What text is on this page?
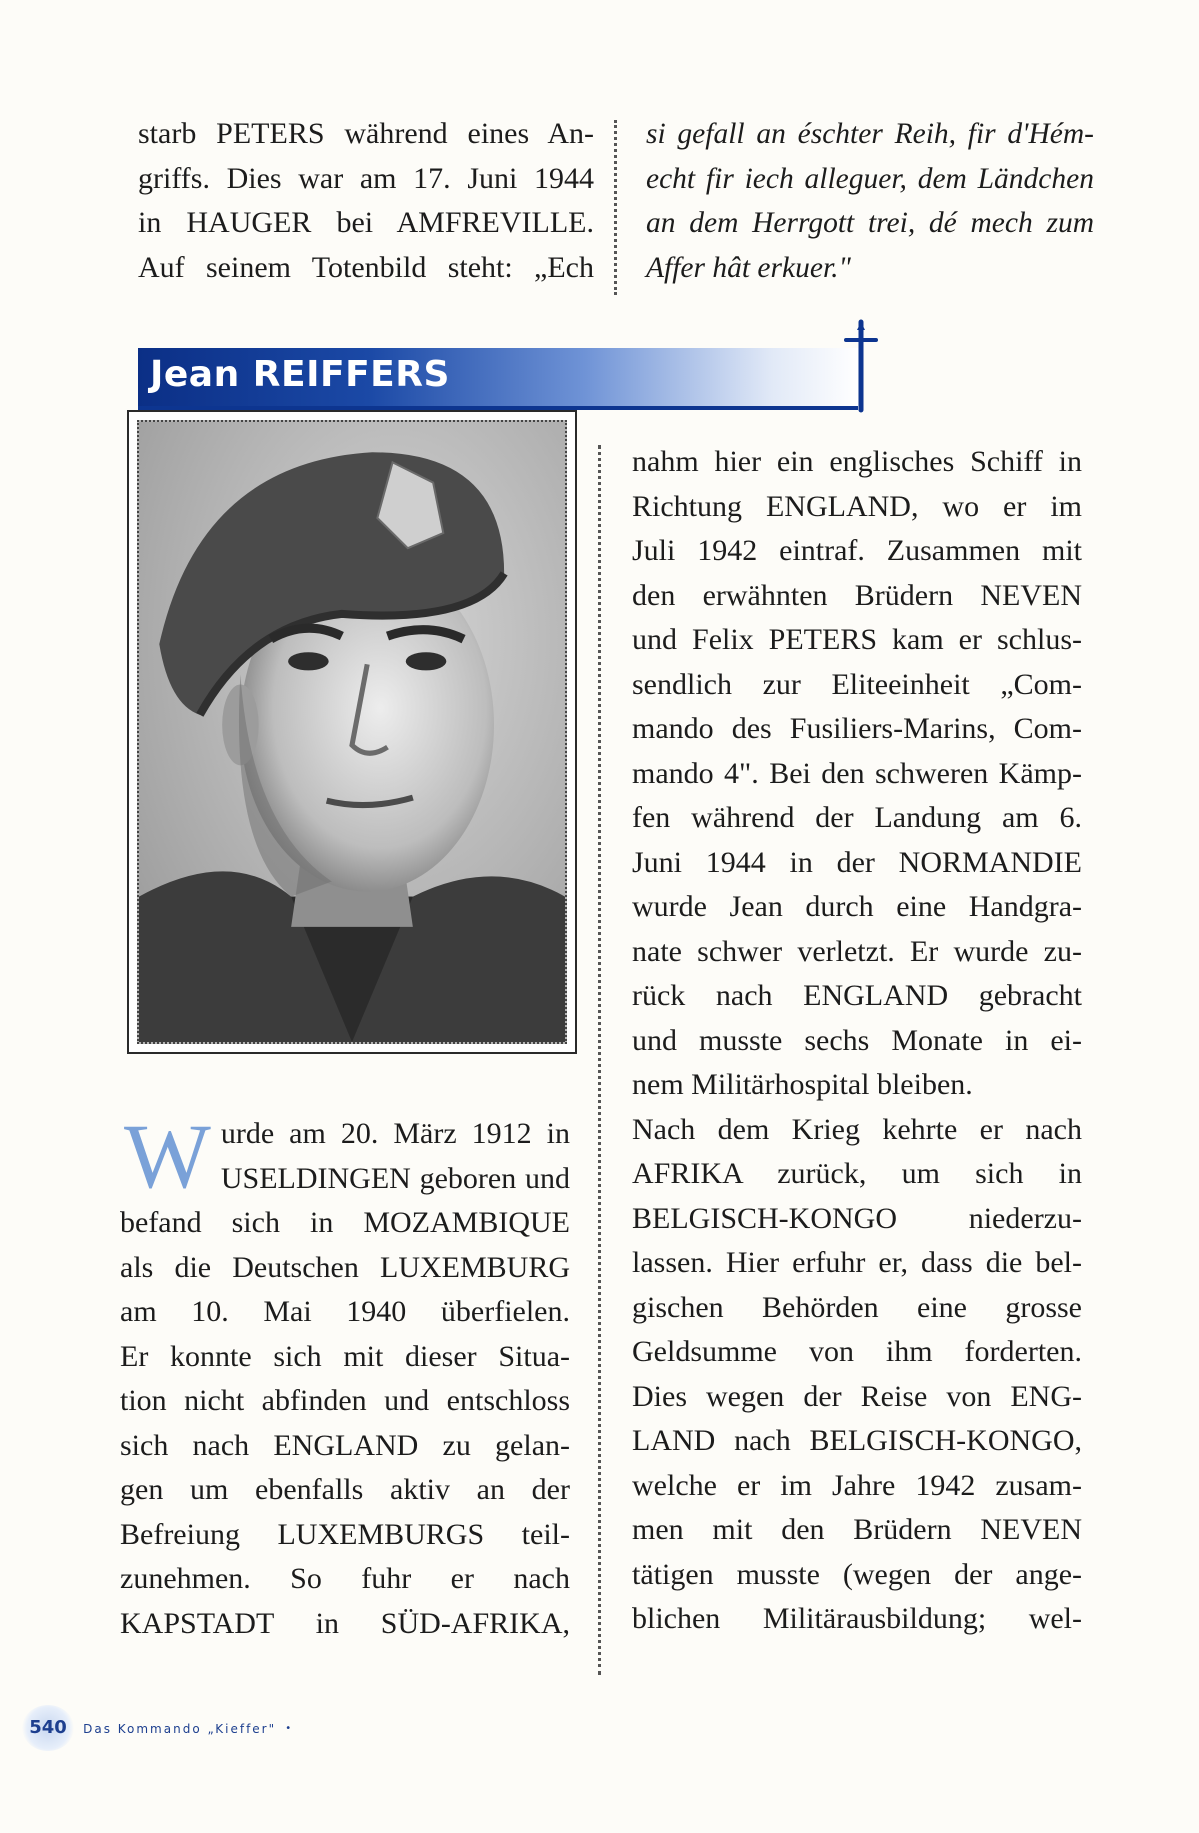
starb PETERS während eines An-
griffs. Dies war am 17. Juni 1944
in HAUGER bei AMFREVILLE.
Auf seinem Totenbild steht: „Ech
si gefall an éschter Reih, fir d'Hém-
echt fir iech alleguer, dem Ländchen
an dem Herrgott trei, dé mech zum
Affer hât erkuer."
Jean REIFFERS
befand sich in MOZAMBIQUE
als die Deutschen LUXEMBURG
am 10. Mai 1940 überfielen.
Er konnte sich mit dieser Situa-
tion nicht abfinden und entschloss
sich nach ENGLAND zu gelan-
gen um ebenfalls aktiv an der
Befreiung LUXEMBURGS teil-
zunehmen. So fuhr er nach
KAPSTADT in SÜD-AFRIKA,
nahm hier ein englisches Schiff in
Richtung ENGLAND, wo er im
Juli 1942 eintraf. Zusammen mit
den erwähnten Brüdern NEVEN
und Felix PETERS kam er schlus-
sendlich zur Eliteeinheit „Com-
mando des Fusiliers-Marins, Com-
mando 4". Bei den schweren Kämp-
fen während der Landung am 6.
Juni 1944 in der NORMANDIE
wurde Jean durch eine Handgra-
nate schwer verletzt. Er wurde zu-
rück nach ENGLAND gebracht
und musste sechs Monate in ei-
nem Militärhospital bleiben.
Nach dem Krieg kehrte er nach
AFRIKA zurück, um sich in
BELGISCH-KONGO niederzu-
lassen. Hier erfuhr er, dass die bel-
gischen Behörden eine grosse
Geldsumme von ihm forderten.
Dies wegen der Reise von ENG-
LAND nach BELGISCH-KONGO,
welche er im Jahre 1942 zusam-
men mit den Brüdern NEVEN
tätigen musste (wegen der ange-
blichen Militärausbildung; wel-
W urde am 20. März 1912 in
USELDINGEN geboren und
540 Das Kommando „Kieffer" •
